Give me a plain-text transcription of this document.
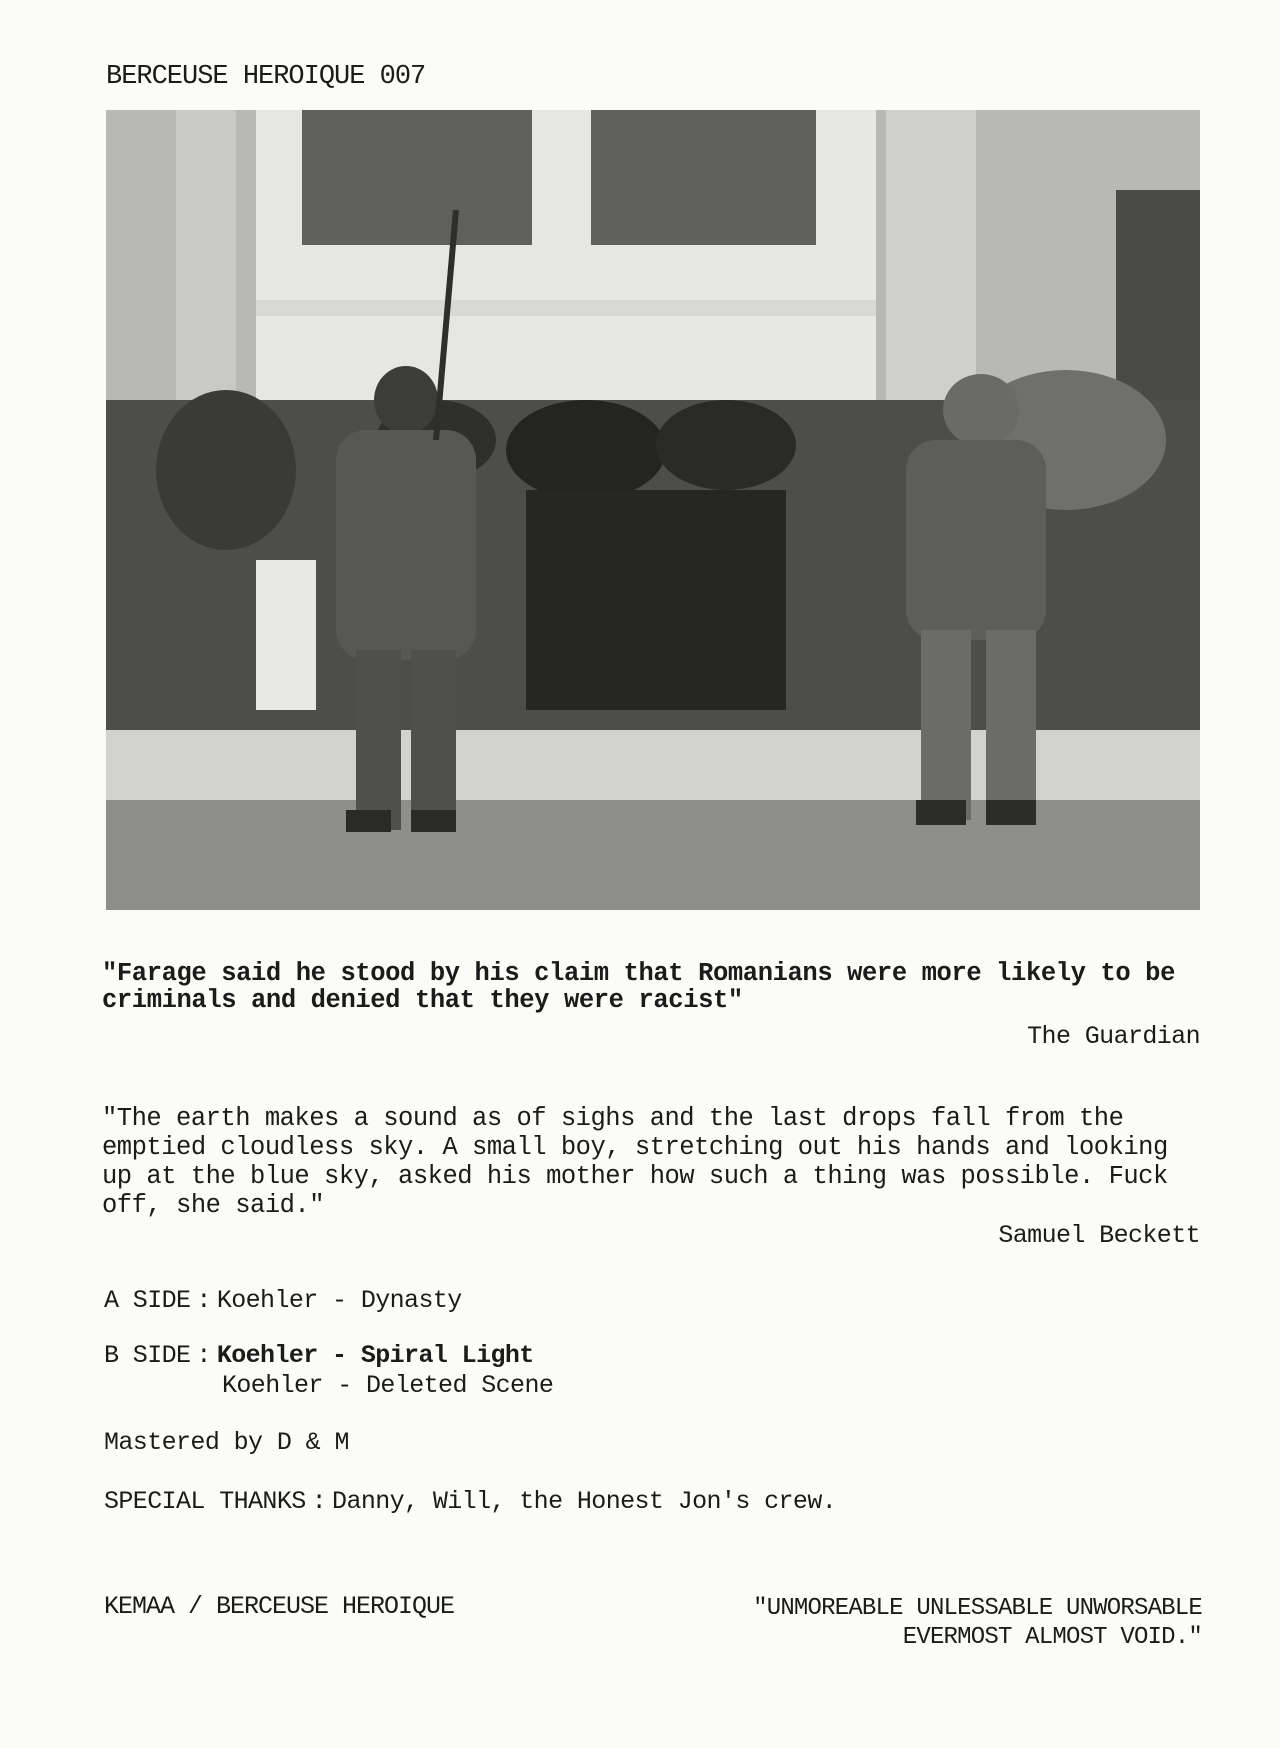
BERCEUSE HEROIQUE 007
"Farage said he stood by his claim that Romanians were more likely to be criminals and denied that they were racist"
The Guardian
"The earth makes a sound as of sighs and the last drops fall from the emptied cloudless sky. A small boy, stretching out his hands and looking up at the blue sky, asked his mother how such a thing was possible. Fuck off, she said."
Samuel Beckett
A SIDE : Koehler - Dynasty
B SIDE : Koehler - Spiral Light
Koehler - Deleted Scene
Mastered by D & M
SPECIAL THANKS : Danny, Will, the Honest Jon's crew.
KEMAA / BERCEUSE HEROIQUE	"UNMOREABLE UNLESSABLE UNWORSABLE
EVERMOST ALMOST VOID."
